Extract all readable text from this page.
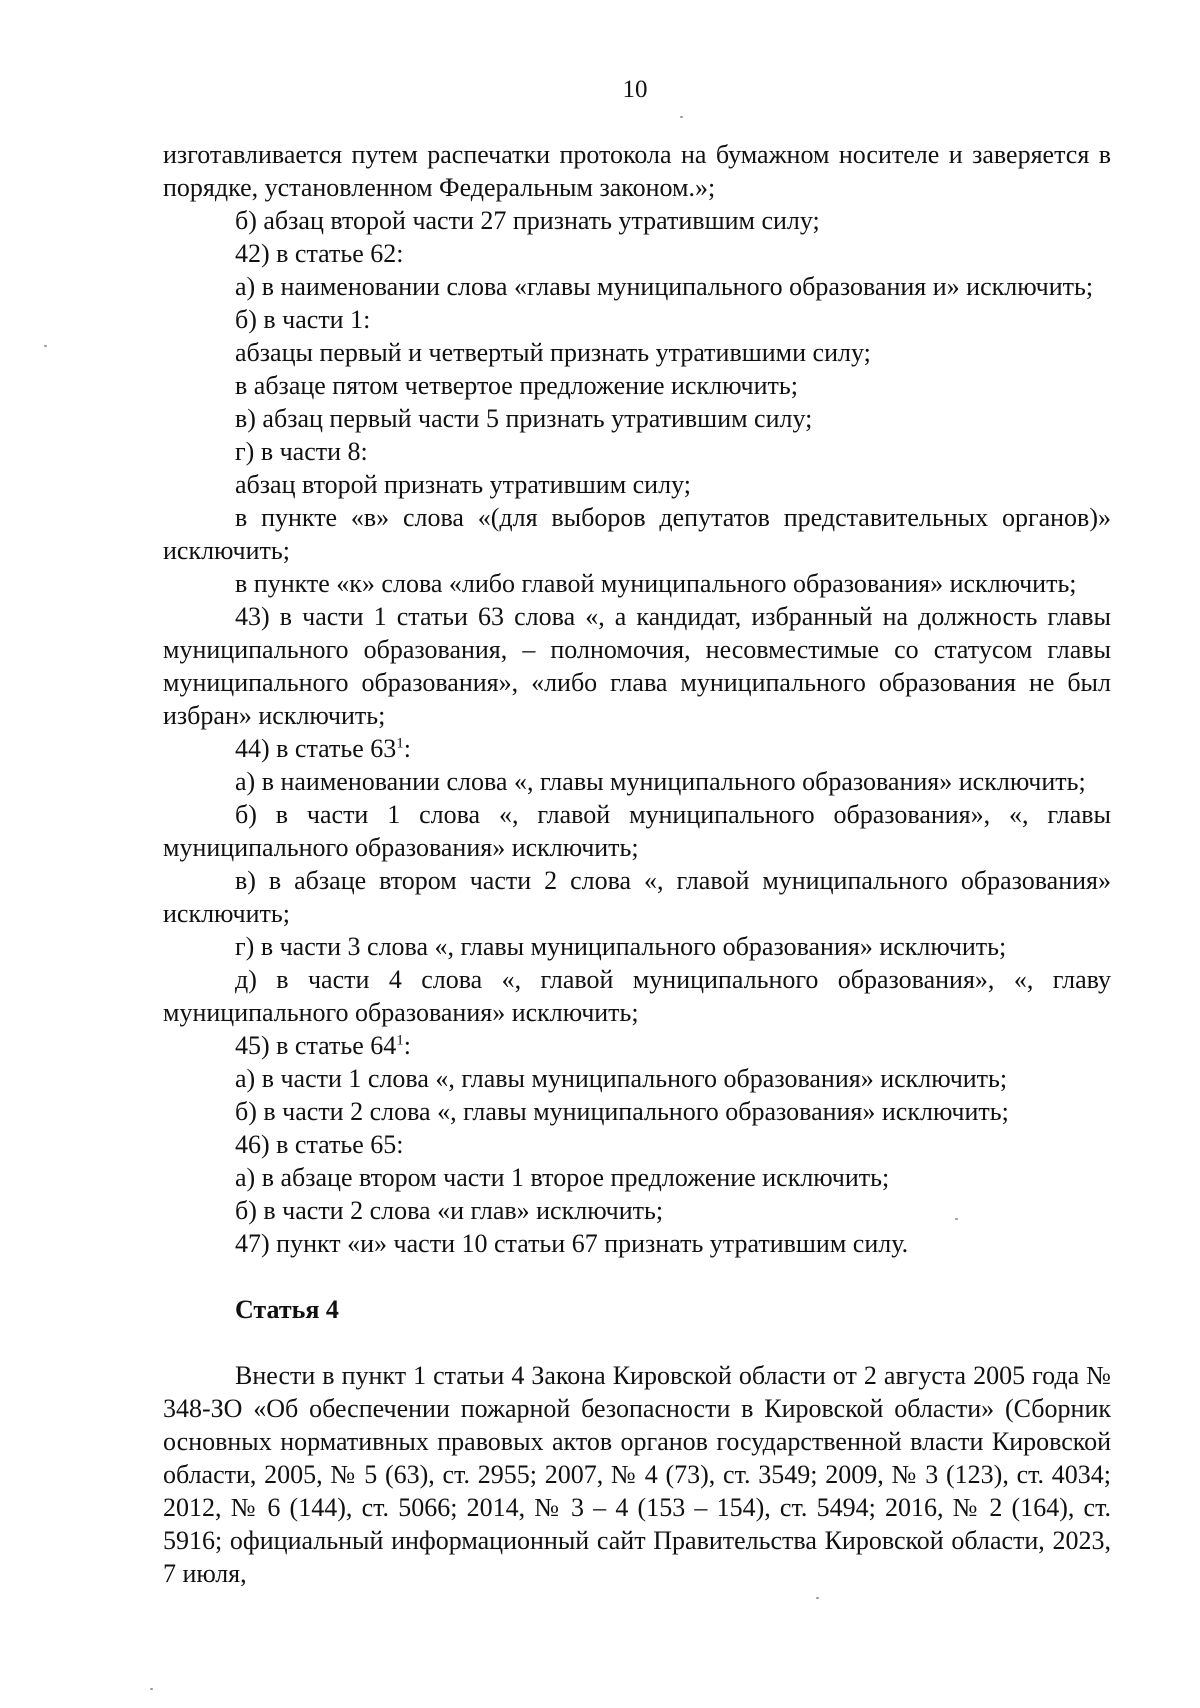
10

изготавливается путем распечатки протокола на бумажном носителе и заверяется в порядке, установленном Федеральным законом.»;

б) абзац второй части 27 признать утратившим силу;

42) в статье 62:

а) в наименовании слова «главы муниципального образования и» исключить;

б) в части 1:

абзацы первый и четвертый признать утратившими силу;

в абзаце пятом четвертое предложение исключить;

в) абзац первый части 5 признать утратившим силу;

г) в части 8:

абзац второй признать утратившим силу;

в пункте «в» слова «(для выборов депутатов представительных органов)» исключить;

в пункте «к» слова «либо главой муниципального образования» исключить;

43) в части 1 статьи 63 слова «, а кандидат, избранный на должность главы муниципального образования, – полномочия, несовместимые со статусом главы муниципального образования», «либо глава муниципального образования не был избран» исключить;

44) в статье $63^1$:

а) в наименовании слова «, главы муниципального образования» исключить;

б) в части 1 слова «, главой муниципального образования», «, главы муниципального образования» исключить;

в) в абзаце втором части 2 слова «, главой муниципального образования» исключить;

г) в части 3 слова «, главы муниципального образования» исключить;

д) в части 4 слова «, главой муниципального образования», «, главу муниципального образования» исключить;

45) в статье $64^1$:

а) в части 1 слова «, главы муниципального образования» исключить;

б) в части 2 слова «, главы муниципального образования» исключить;

46) в статье 65:

а) в абзаце втором части 1 второе предложение исключить;

б) в части 2 слова «и глав» исключить;

47) пункт «и» части 10 статьи 67 признать утратившим силу.

Статья 4

Внести в пункт 1 статьи 4 Закона Кировской области от 2 августа 2005 года № 348-ЗО «Об обеспечении пожарной безопасности в Кировской области» (Сборник основных нормативных правовых актов органов государственной власти Кировской области, 2005, № 5 (63), ст. 2955; 2007, № 4 (73), ст. 3549; 2009, № 3 (123), ст. 4034; 2012, № 6 (144), ст. 5066; 2014, № 3 – 4 (153 – 154), ст. 5494; 2016, № 2 (164), ст. 5916; официальный информационный сайт Правительства Кировской области, 2023, 7 июля,
